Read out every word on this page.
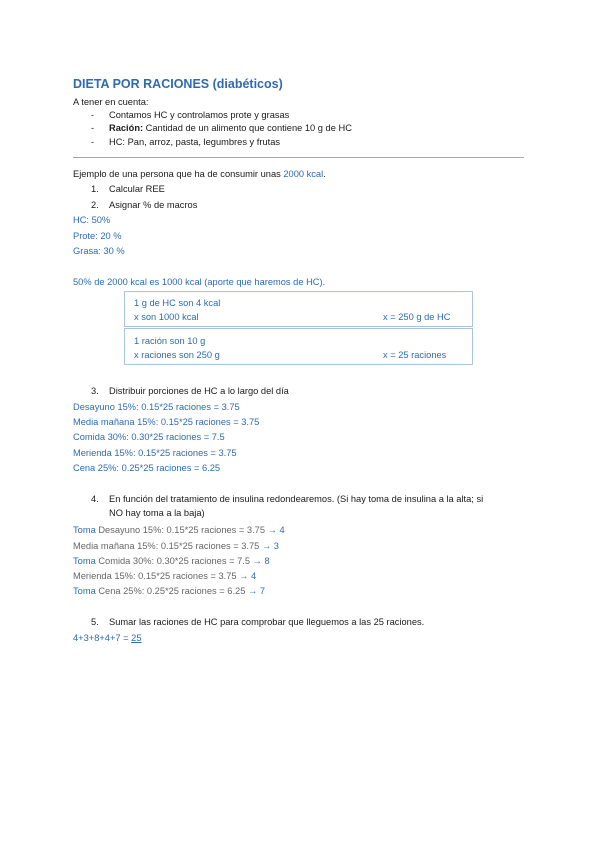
DIETA POR RACIONES (diabéticos)
A tener en cuenta:
- Contamos HC y controlamos prote y grasas
- Ración: Cantidad de un alimento que contiene 10 g de HC
- HC: Pan, arroz, pasta, legumbres y frutas
Ejemplo de una persona que ha de consumir unas 2000 kcal.
1. Calcular REE
2. Asignar % de macros
HC: 50%
Prote: 20 %
Grasa: 30 %
50% de 2000 kcal es 1000 kcal (aporte que haremos de HC).
1 g de HC son 4 kcal
x son 1000 kcal	x = 250 g de HC
1 ración son 10 g
x raciones son 250 g	x = 25 raciones
3. Distribuir porciones de HC a lo largo del día
Desayuno 15%: 0.15*25 raciones = 3.75
Media mañana 15%: 0.15*25 raciones = 3.75
Comida 30%: 0.30*25 raciones = 7.5
Merienda 15%: 0.15*25 raciones = 3.75
Cena 25%: 0.25*25 raciones = 6.25
4. En función del tratamiento de insulina redondearemos. (Si hay toma de insulina a la alta; si
NO hay toma a la baja)
Toma Desayuno 15%: 0.15*25 raciones = 3.75 → 4
Media mañana 15%: 0.15*25 raciones = 3.75 → 3
Toma Comida 30%: 0.30*25 raciones = 7.5 → 8
Merienda 15%: 0.15*25 raciones = 3.75 → 4
Toma Cena 25%: 0.25*25 raciones = 6.25 → 7
5. Sumar las raciones de HC para comprobar que lleguemos a las 25 raciones.
4+3+8+4+7 = 25
